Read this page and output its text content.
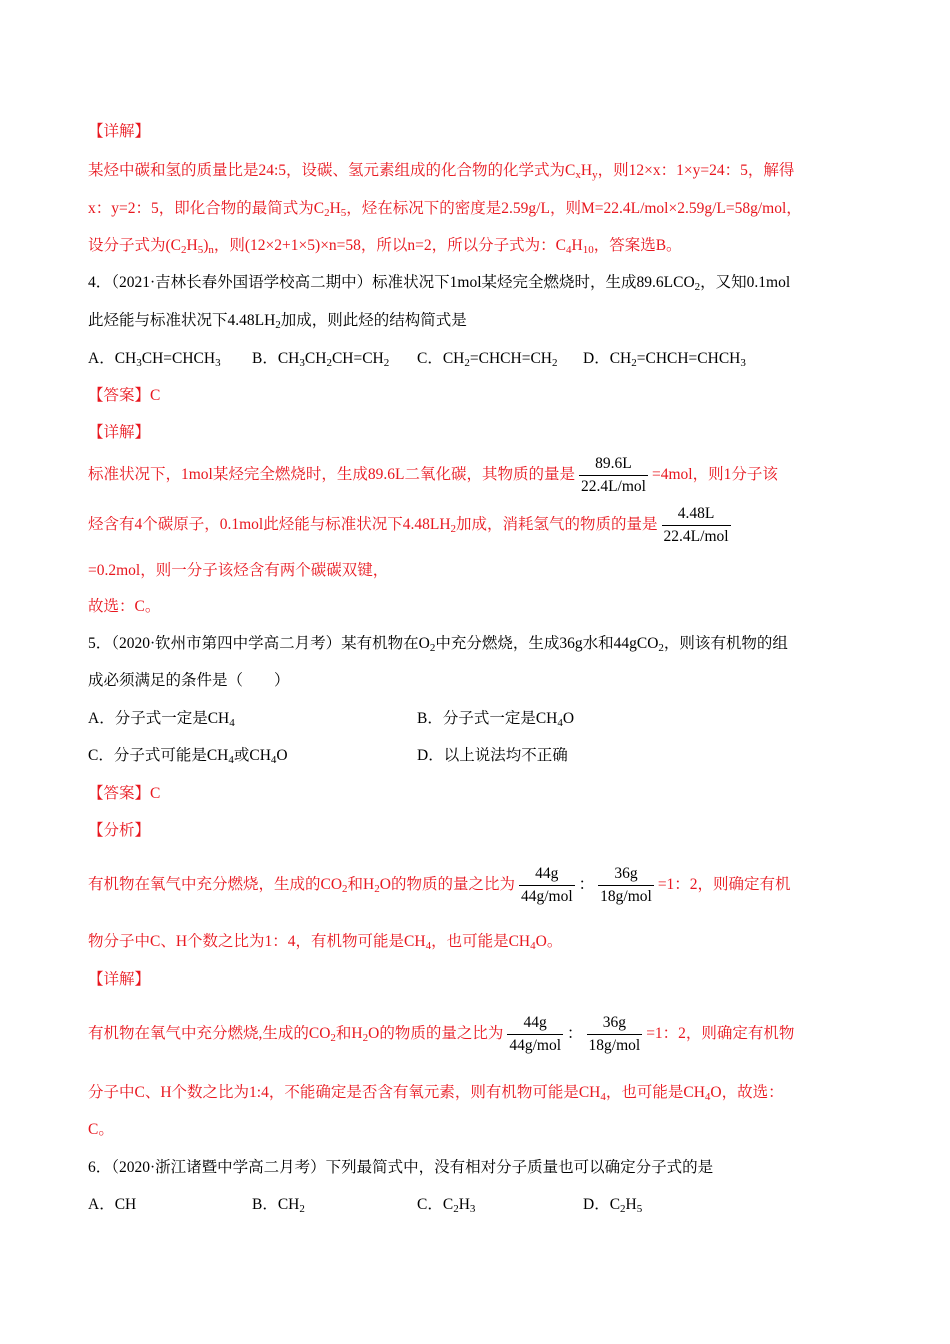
【详解】
某烃中碳和氢的质量比是24:5，设碳、氢元素组成的化合物的化学式为$C_xH_y$，则12×x：1×y=24：5，解得
x：y=2：5，即化合物的最简式为$C_2H_5$，烃在标况下的密度是2.59g/L，则M=22.4L/mol×2.59g/L=58g/mol，
设分子式为$(C_2H_5)_n$，则(12×2+1×5)×n=58，所以n=2，所以分子式为：$C_4H_{10}$，答案选B。
4．（2021·吉林长春外国语学校高二期中）标准状况下1mol某烃完全燃烧时，生成$89.6LCO_2$，又知0.1mol
此烃能与标准状况下$4.48LH_2$加成，则此烃的结构简式是
A．$CH_3CH=CHCH_3$ B．$CH_3CH_2CH=CH_2$ C．$CH_2=CHCH=CH_2$ D．$CH_2=CHCH=CHCH_3$
【答案】C
【详解】
标准状况下，1mol某烃完全燃烧时，生成89.6L二氧化碳，其物质的量是 $\frac{89.6L}{\text{22.4L/mol}} =4mol$，则1分子该
烃含有4个碳原子，0.1mol此烃能与标准状况下$4.48LH_2$加成，消耗氢气的物质的量是 $\frac{4.48L}{\text{22.4L/mol}}$
=0.2mol，则一分子该烃含有两个碳碳双键，
故选：C。
5．（2020·钦州市第四中学高二月考）某有机物在$O_2$中充分燃烧，生成36g水和44gCO$_2$，则该有机物的组
成必须满足的条件是（　　）
A．分子式一定是$CH_4$	B．分子式一定是$CH_4O$
C．分子式可能是$CH_4$或$CH_4O$	D．以上说法均不正确
【答案】C
【分析】
有机物在氧气中充分燃烧，生成的$CO_2$和$H_2O$的物质的量之比为 $\frac{44g}{\text{44g/mol}}$ ： $\frac{36g}{\text{18g/mol}} =1$：2，则确定有机
物分子中C、H个数之比为1：4，有机物可能是$CH_4$，也可能是$CH_4O$。
【详解】
有机物在氧气中充分燃烧,生成的$CO_2$和$H_2O$的物质的量之比为 $\frac{44g}{\text{44g/mol}}$ ： $\frac{36g}{\text{18g/mol}} =1$：2，则确定有机物
分子中C、H个数之比为1:4，不能确定是否含有氧元素，则有机物可能是$CH_4$，也可能是$CH_4O$，故选：
C。
6．（2020·浙江诸暨中学高二月考）下列最简式中，没有相对分子质量也可以确定分子式的是
A．CH	B．$CH_2$	C．$C_2H_3$	D．$C_2H_5$
